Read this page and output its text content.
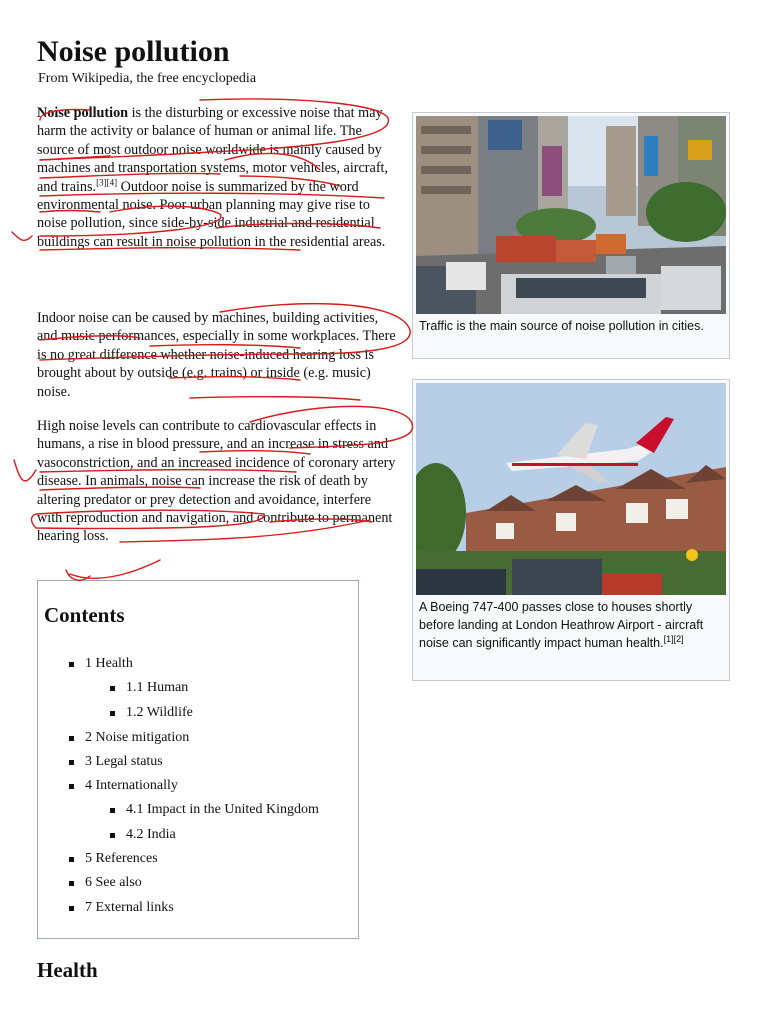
Noise pollution
From Wikipedia, the free encyclopedia

Noise pollution is the disturbing or excessive noise that may harm the activity or balance of human or animal life. The source of most outdoor noise worldwide is mainly caused by machines and transportation systems, motor vehicles, aircraft, and trains.[3][4] Outdoor noise is summarized by the word environmental noise. Poor urban planning may give rise to noise pollution, since side-by-side industrial and residential buildings can result in noise pollution in the residential areas.

Indoor noise can be caused by machines, building activities, and music performances, especially in some workplaces. There is no great difference whether noise-induced hearing loss is brought about by outside (e.g. trains) or inside (e.g. music) noise.

High noise levels can contribute to cardiovascular effects in humans, a rise in blood pressure, and an increase in stress and vasoconstriction, and an increased incidence of coronary artery disease. In animals, noise can increase the risk of death by altering predator or prey detection and avoidance, interfere with reproduction and navigation, and contribute to permanent hearing loss.

Traffic is the main source of noise pollution in cities.
A Boeing 747-400 passes close to houses shortly before landing at London Heathrow Airport - aircraft noise can significantly impact human health.[1][2]
Contents
1 Health
1.1 Human
1.2 Wildlife
2 Noise mitigation
3 Legal status
4 Internationally
4.1 Impact in the United Kingdom
4.2 India
5 References
6 See also
7 External links
Health
